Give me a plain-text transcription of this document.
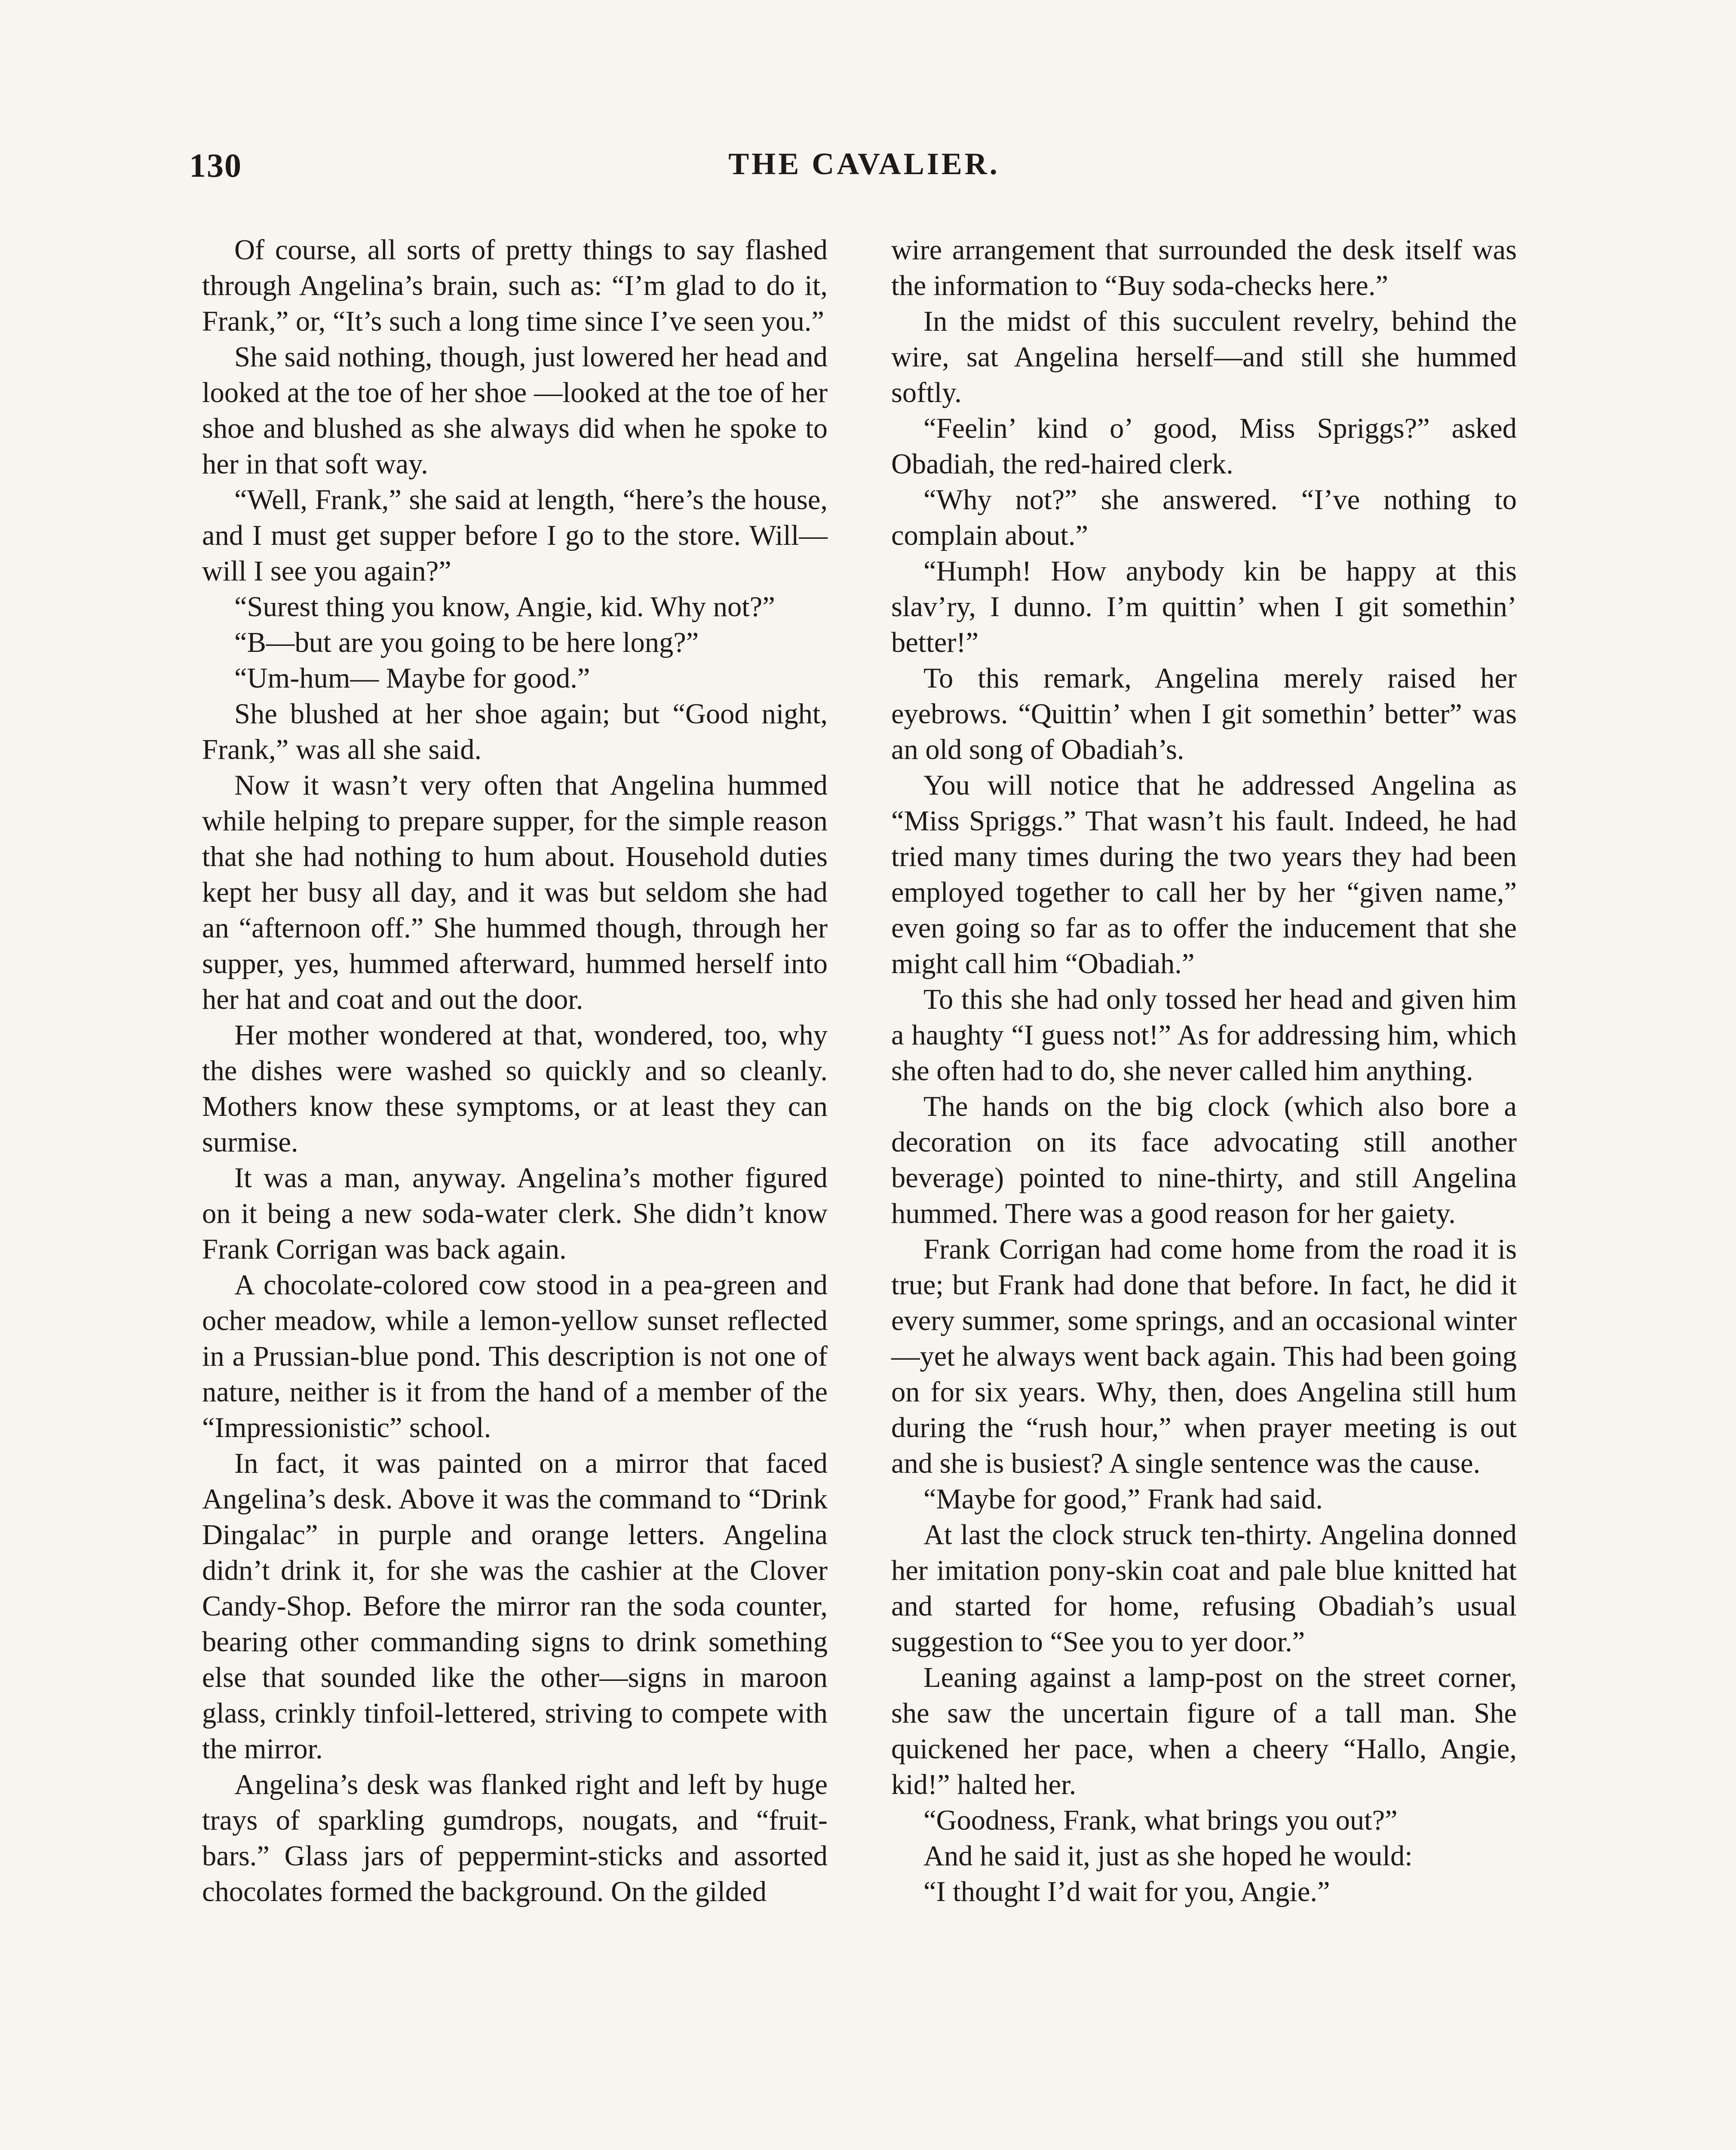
130	THE CAVALIER.

Of course, all sorts of pretty things to say flashed through Angelina’s brain, such as: “I’m glad to do it, Frank,” or, “It’s such a long time since I’ve seen you.”

She said nothing, though, just lowered her head and looked at the toe of her shoe —looked at the toe of her shoe and blushed as she always did when he spoke to her in that soft way.

“Well, Frank,” she said at length, “here’s the house, and I must get supper before I go to the store. Will—will I see you again?”

“Surest thing you know, Angie, kid. Why not?”

“B—but are you going to be here long?”

“Um-hum— Maybe for good.”

She blushed at her shoe again; but “Good night, Frank,” was all she said.

Now it wasn’t very often that Angelina hummed while helping to prepare supper, for the simple reason that she had nothing to hum about. Household duties kept her busy all day, and it was but seldom she had an “afternoon off.” She hummed though, through her supper, yes, hummed afterward, hummed herself into her hat and coat and out the door.

Her mother wondered at that, wondered, too, why the dishes were washed so quickly and so cleanly. Mothers know these symptoms, or at least they can surmise.

It was a man, anyway. Angelina’s mother figured on it being a new soda-water clerk. She didn’t know Frank Corrigan was back again.

A chocolate-colored cow stood in a pea-green and ocher meadow, while a lemon-yellow sunset reflected in a Prussian-blue pond. This description is not one of nature, neither is it from the hand of a member of the “Impressionistic” school.

In fact, it was painted on a mirror that faced Angelina’s desk. Above it was the command to “Drink Dingalac” in purple and orange letters. Angelina didn’t drink it, for she was the cashier at the Clover Candy-Shop. Before the mirror ran the soda counter, bearing other commanding signs to drink something else that sounded like the other—signs in maroon glass, crinkly tinfoil-lettered, striving to compete with the mirror.

Angelina’s desk was flanked right and left by huge trays of sparkling gumdrops, nougats, and “fruit-bars.” Glass jars of peppermint-sticks and assorted chocolates formed the background. On the gilded

wire arrangement that surrounded the desk itself was the information to “Buy soda-checks here.”

In the midst of this succulent revelry, behind the wire, sat Angelina herself—and still she hummed softly.

“Feelin’ kind o’ good, Miss Spriggs?” asked Obadiah, the red-haired clerk.

“Why not?” she answered. “I’ve nothing to complain about.”

“Humph! How anybody kin be happy at this slav’ry, I dunno. I’m quittin’ when I git somethin’ better!”

To this remark, Angelina merely raised her eyebrows. “Quittin’ when I git somethin’ better” was an old song of Obadiah’s.

You will notice that he addressed Angelina as “Miss Spriggs.” That wasn’t his fault. Indeed, he had tried many times during the two years they had been employed together to call her by her “given name,” even going so far as to offer the inducement that she might call him “Obadiah.”

To this she had only tossed her head and given him a haughty “I guess not!” As for addressing him, which she often had to do, she never called him anything.

The hands on the big clock (which also bore a decoration on its face advocating still another beverage) pointed to nine-thirty, and still Angelina hummed. There was a good reason for her gaiety.

Frank Corrigan had come home from the road it is true; but Frank had done that before. In fact, he did it every summer, some springs, and an occasional winter—yet he always went back again. This had been going on for six years. Why, then, does Angelina still hum during the “rush hour,” when prayer meeting is out and she is busiest? A single sentence was the cause.

“Maybe for good,” Frank had said.

At last the clock struck ten-thirty. Angelina donned her imitation pony-skin coat and pale blue knitted hat and started for home, refusing Obadiah’s usual suggestion to “See you to yer door.”

Leaning against a lamp-post on the street corner, she saw the uncertain figure of a tall man. She quickened her pace, when a cheery “Hallo, Angie, kid!” halted her.

“Goodness, Frank, what brings you out?”

And he said it, just as she hoped he would:

“I thought I’d wait for you, Angie.”
